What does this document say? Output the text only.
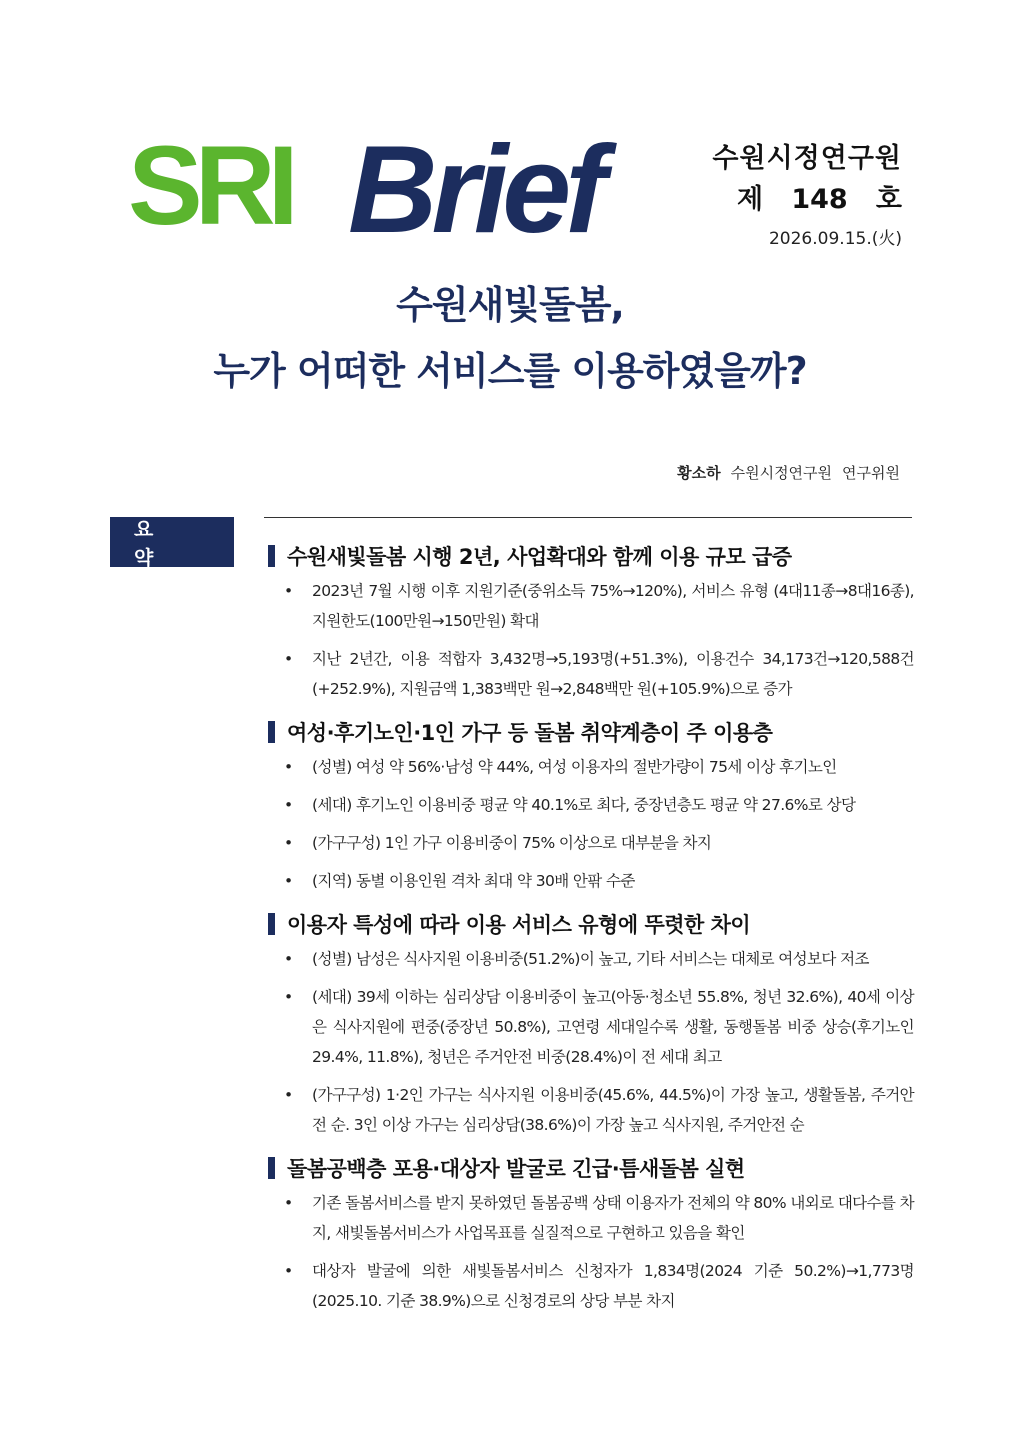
SRI Brief	수원시정연구원
제 148 호
2026.09.15.(火)
수원새빛돌봄,
누가 어떠한 서비스를 이용하였을까?
황소하 수원시정연구원 연구위원
요 약	수원새빛돌봄 시행 2년, 사업확대와 함께 이용 규모 급증
• 2023년 7월 시행 이후 지원기준(중위소득 75%→120%), 서비스 유형 (4대11종→8대16종), 지원한도(100만원→150만원) 확대
• 지난 2년간, 이용 적합자 3,432명→5,193명(+51.3%), 이용건수 34,173건→120,588건(+252.9%), 지원금액 1,383백만 원→2,848백만 원(+105.9%)으로 증가
여성·후기노인·1인 가구 등 돌봄 취약계층이 주 이용층
• (성별) 여성 약 56%·남성 약 44%, 여성 이용자의 절반가량이 75세 이상 후기노인
• (세대) 후기노인 이용비중 평균 약 40.1%로 최다, 중장년층도 평균 약 27.6%로 상당
• (가구구성) 1인 가구 이용비중이 75% 이상으로 대부분을 차지
• (지역) 동별 이용인원 격차 최대 약 30배 안팎 수준
이용자 특성에 따라 이용 서비스 유형에 뚜렷한 차이
• (성별) 남성은 식사지원 이용비중(51.2%)이 높고, 기타 서비스는 대체로 여성보다 저조
• (세대) 39세 이하는 심리상담 이용비중이 높고(아동·청소년 55.8%, 청년 32.6%), 40세 이상은 식사지원에 편중(중장년 50.8%), 고연령 세대일수록 생활, 동행돌봄 비중 상승(후기노인 29.4%, 11.8%), 청년은 주거안전 비중(28.4%)이 전 세대 최고
• (가구구성) 1·2인 가구는 식사지원 이용비중(45.6%, 44.5%)이 가장 높고, 생활돌봄, 주거안전 순. 3인 이상 가구는 심리상담(38.6%)이 가장 높고 식사지원, 주거안전 순
돌봄공백층 포용·대상자 발굴로 긴급·틈새돌봄 실현
• 기존 돌봄서비스를 받지 못하였던 돌봄공백 상태 이용자가 전체의 약 80% 내외로 대다수를 차지, 새빛돌봄서비스가 사업목표를 실질적으로 구현하고 있음을 확인
• 대상자 발굴에 의한 새빛돌봄서비스 신청자가 1,834명(2024 기준 50.2%)→1,773명(2025.10. 기준 38.9%)으로 신청경로의 상당 부분 차지
